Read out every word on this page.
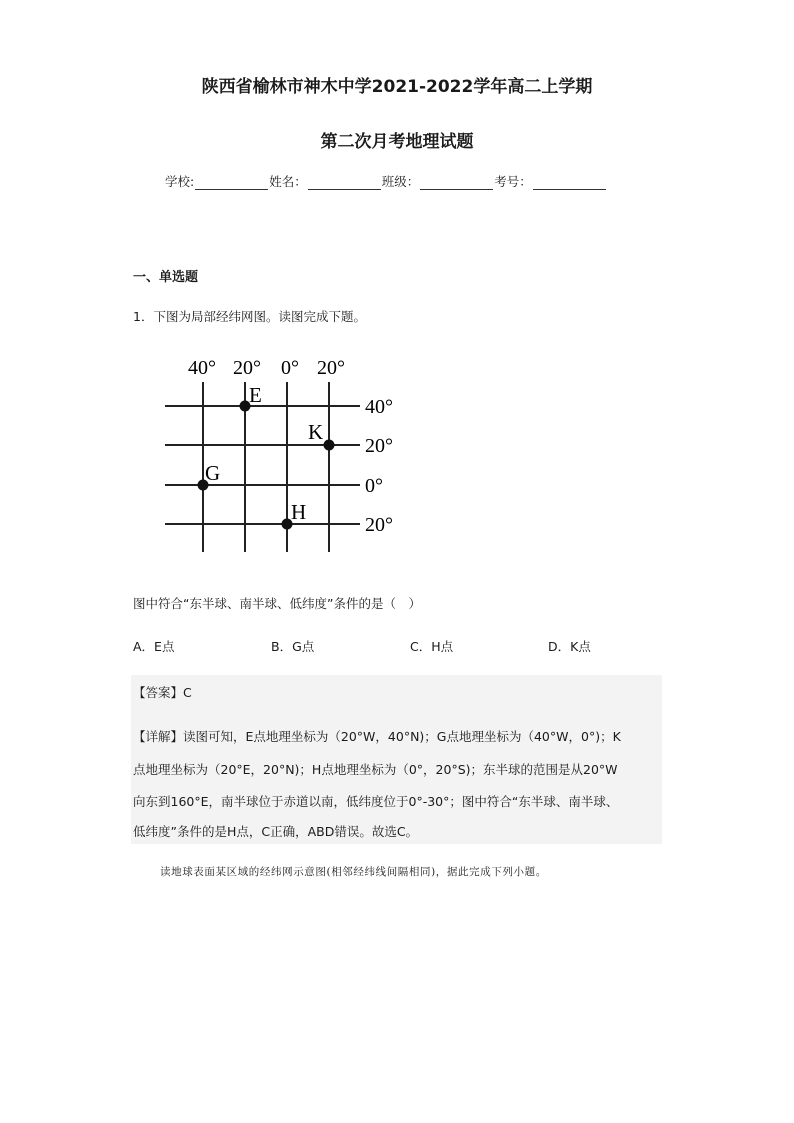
陕西省榆林市神木中学2021-2022学年高二上学期
第二次月考地理试题
学校:	姓名：	班级：	考号：
一、单选题
1．下图为局部经纬网图。读图完成下题。
40° 20° 0° 20°
40°
20°
0°
20°
E
K
G
H
图中符合“东半球、南半球、低纬度”条件的是（　）
A．E点	B．G点	C．H点	D．K点
【答案】C
【详解】读图可知，E点地理坐标为（20°W，40°N)；G点地理坐标为（40°W，0°)；K
点地理坐标为（20°E，20°N)；H点地理坐标为（0°，20°S)；东半球的范围是从20°W
向东到160°E，南半球位于赤道以南，低纬度位于0°-30°；图中符合“东半球、南半球、
低纬度”条件的是H点，C正确，ABD错误。故选C。
读地球表面某区域的经纬网示意图(相邻经纬线间隔相同)，据此完成下列小题。
